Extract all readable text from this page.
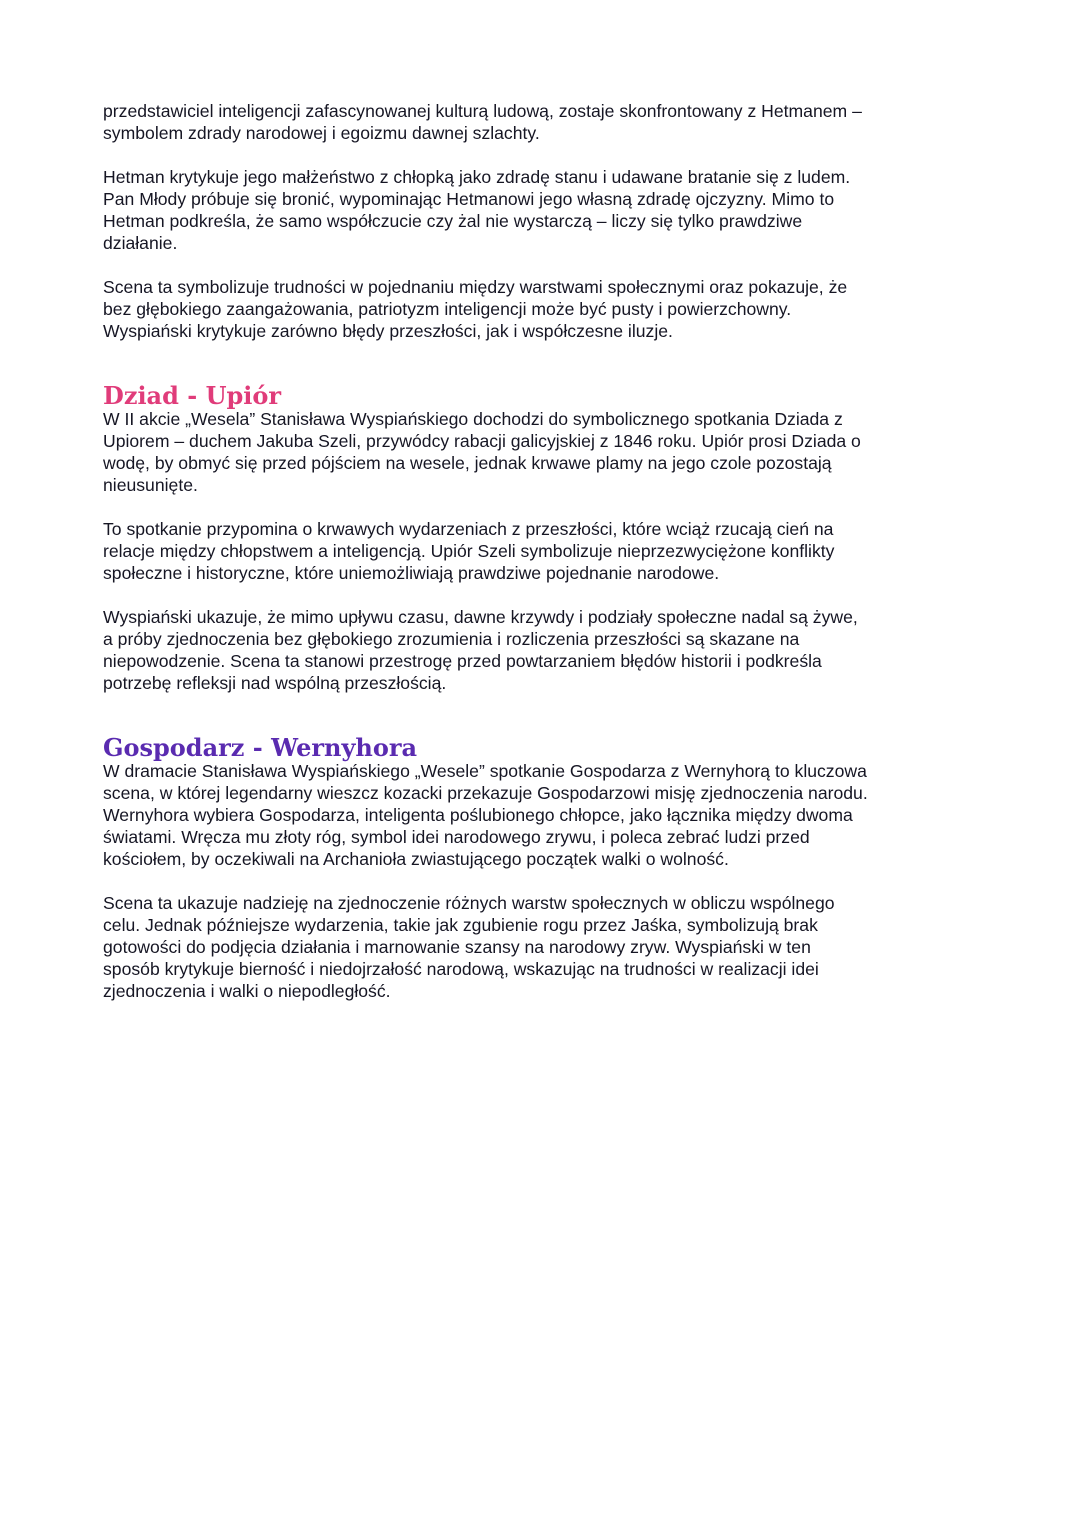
przedstawiciel inteligencji zafascynowanej kulturą ludową, zostaje skonfrontowany z Hetmanem –
symbolem zdrady narodowej i egoizmu dawnej szlachty.

Hetman krytykuje jego małżeństwo z chłopką jako zdradę stanu i udawane bratanie się z ludem.
Pan Młody próbuje się bronić, wypominając Hetmanowi jego własną zdradę ojczyzny. Mimo to
Hetman podkreśla, że samo współczucie czy żal nie wystarczą – liczy się tylko prawdziwe
działanie.

Scena ta symbolizuje trudności w pojednaniu między warstwami społecznymi oraz pokazuje, że
bez głębokiego zaangażowania, patriotyzm inteligencji może być pusty i powierzchowny.
Wyspiański krytykuje zarówno błędy przeszłości, jak i współczesne iluzje.

Dziad - Upiór

W II akcie „Wesela” Stanisława Wyspiańskiego dochodzi do symbolicznego spotkania Dziada z
Upiorem – duchem Jakuba Szeli, przywódcy rabacji galicyjskiej z 1846 roku. Upiór prosi Dziada o
wodę, by obmyć się przed pójściem na wesele, jednak krwawe plamy na jego czole pozostają
nieusunięte.

To spotkanie przypomina o krwawych wydarzeniach z przeszłości, które wciąż rzucają cień na
relacje między chłopstwem a inteligencją. Upiór Szeli symbolizuje nieprzezwyciężone konflikty
społeczne i historyczne, które uniemożliwiają prawdziwe pojednanie narodowe.

Wyspiański ukazuje, że mimo upływu czasu, dawne krzywdy i podziały społeczne nadal są żywe,
a próby zjednoczenia bez głębokiego zrozumienia i rozliczenia przeszłości są skazane na
niepowodzenie. Scena ta stanowi przestrogę przed powtarzaniem błędów historii i podkreśla
potrzebę refleksji nad wspólną przeszłością.

Gospodarz - Wernyhora

W dramacie Stanisława Wyspiańskiego „Wesele” spotkanie Gospodarza z Wernyhorą to kluczowa
scena, w której legendarny wieszcz kozacki przekazuje Gospodarzowi misję zjednoczenia narodu.
Wernyhora wybiera Gospodarza, inteligenta poślubionego chłopce, jako łącznika między dwoma
światami. Wręcza mu złoty róg, symbol idei narodowego zrywu, i poleca zebrać ludzi przed
kościołem, by oczekiwali na Archanioła zwiastującego początek walki o wolność.

Scena ta ukazuje nadzieję na zjednoczenie różnych warstw społecznych w obliczu wspólnego
celu. Jednak późniejsze wydarzenia, takie jak zgubienie rogu przez Jaśka, symbolizują brak
gotowości do podjęcia działania i marnowanie szansy na narodowy zryw. Wyspiański w ten
sposób krytykuje bierność i niedojrzałość narodową, wskazując na trudności w realizacji idei
zjednoczenia i walki o niepodległość.
